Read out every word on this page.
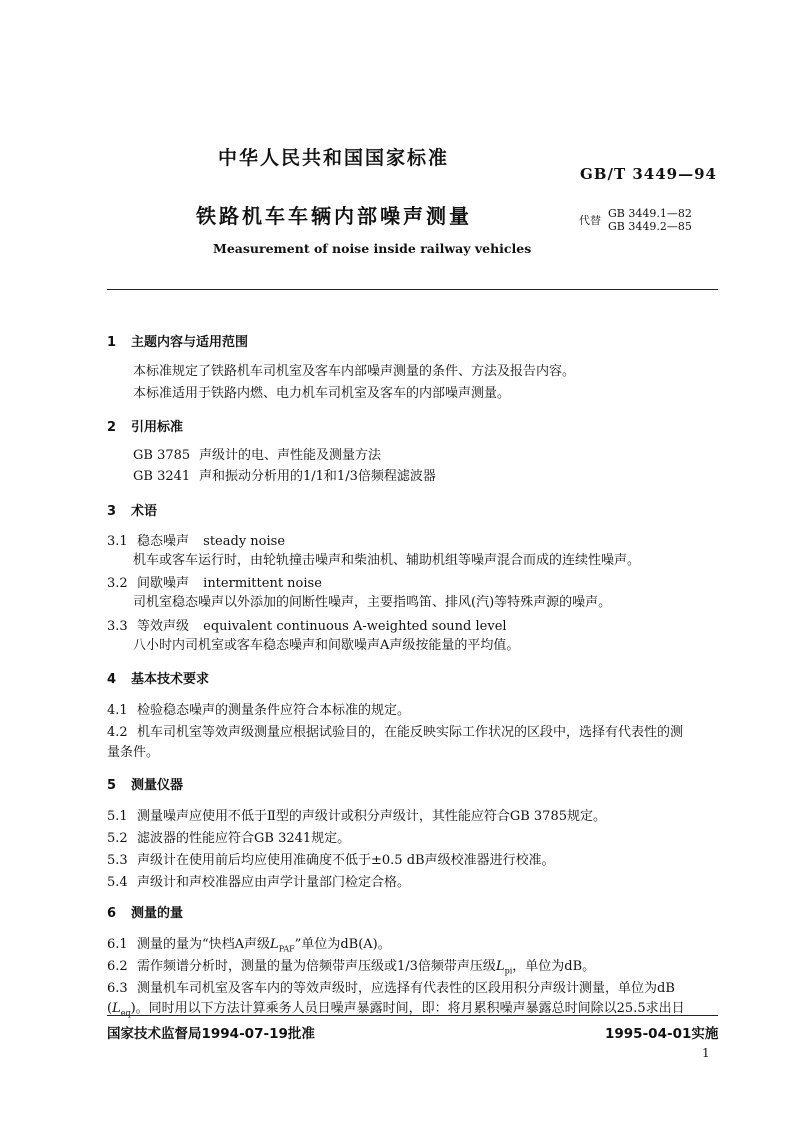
中华人民共和国国家标准
GB/T 3449—94
铁路机车车辆内部噪声测量	代替
GB 3449.1—82
GB 3449.2—85
Measurement of noise inside railway vehicles
1 主题内容与适用范围
本标准规定了铁路机车司机室及客车内部噪声测量的条件、方法及报告内容。
本标准适用于铁路内燃、电力机车司机室及客车的内部噪声测量。
2 引用标准
GB 3785 声级计的电、声性能及测量方法
GB 3241 声和振动分析用的1/1和1/3倍频程滤波器
3 术语
3.1 稳态噪声 steady noise
机车或客车运行时，由轮轨撞击噪声和柴油机、辅助机组等噪声混合而成的连续性噪声。
3.2 间歇噪声 intermittent noise
司机室稳态噪声以外添加的间断性噪声，主要指鸣笛、排风(汽)等特殊声源的噪声。
3.3 等效声级 equivalent continuous A-weighted sound level
八小时内司机室或客车稳态噪声和间歇噪声A声级按能量的平均值。
4 基本技术要求
4.1 检验稳态噪声的测量条件应符合本标准的规定。
4.2 机车司机室等效声级测量应根据试验目的，在能反映实际工作状况的区段中，选择有代表性的测
量条件。
5 测量仪器
5.1 测量噪声应使用不低于Ⅱ型的声级计或积分声级计，其性能应符合GB 3785规定。
5.2 滤波器的性能应符合GB 3241规定。
5.3 声级计在使用前后均应使用准确度不低于±0.5 dB声级校准器进行校准。
5.4 声级计和声校准器应由声学计量部门检定合格。
6 测量的量
6.1 测量的量为“快档A声级$L_{PAF}$”单位为dB(A)。
6.2 需作频谱分析时，测量的量为倍频带声压级或1/3倍频带声压级$L_{pi}$，单位为dB。
6.3 测量机车司机室及客车内的等效声级时，应选择有代表性的区段用积分声级计测量，单位为dB
$(L_{eq})$。同时用以下方法计算乘务人员日噪声暴露时间，即：将月累积噪声暴露总时间除以25.5求出日
国家技术监督局1994-07-19批准	1995-04-01实施
1
